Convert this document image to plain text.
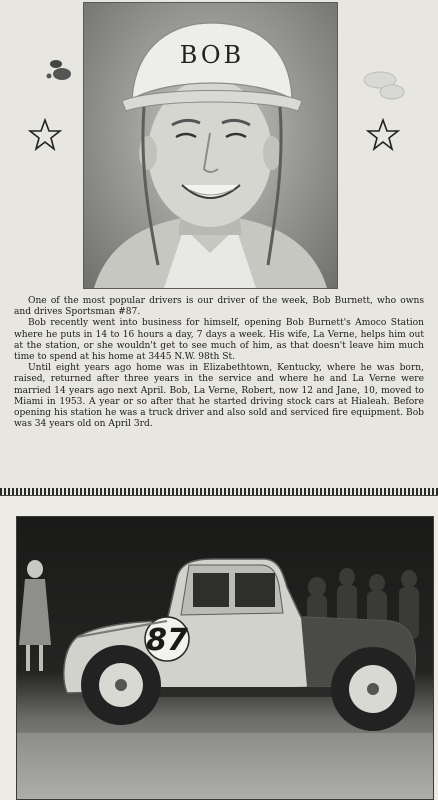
BOB

One of the most popular drivers is our driver of the week, Bob Burnett, who owns and drives Sportsman #87.

Bob recently went into business for himself, opening Bob Burnett's Amoco Station where he puts in 14 to 16 hours a day, 7 days a week. His wife, La Verne, helps him out at the station, or she wouldn't get to see much of him, as that doesn't leave him much time to spend at his home at 3445 N.W. 98th St.

Until eight years ago home was in Elizabethtown, Kentucky, where he was born, raised, returned after three years in the service and where he and La Verne were married 14 years ago next April. Bob, La Verne, Robert, now 12 and Jane, 10, moved to Miami in 1953. A year or so after that he started driving stock cars at Hialeah. Before opening his station he was a truck driver and also sold and serviced fire equipment. Bob was 34 years old on April 3rd.

87
